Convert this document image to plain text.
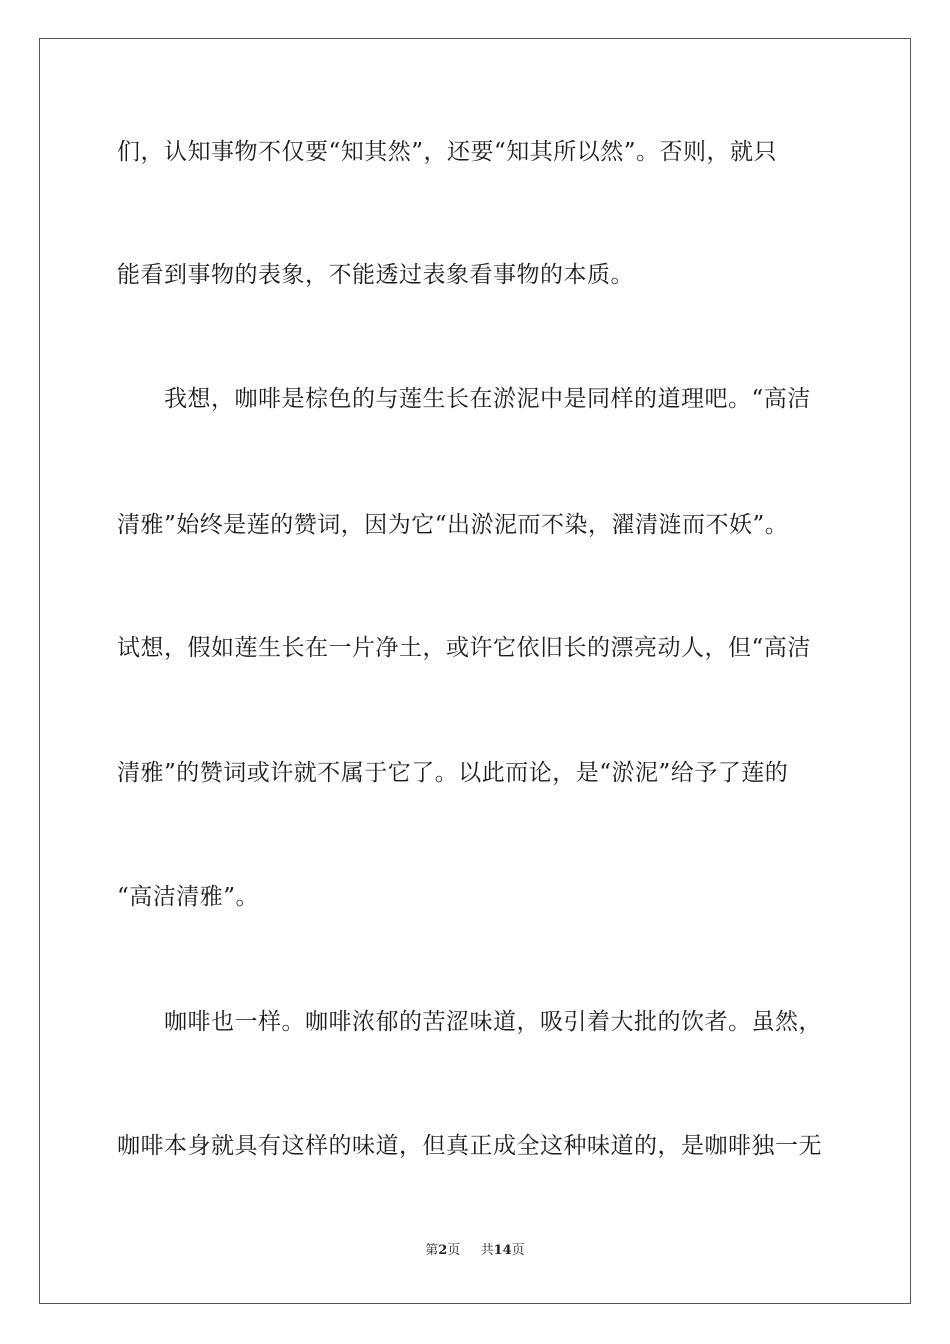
们，认知事物不仅要“知其然”，还要“知其所以然”。否则，就只
能看到事物的表象，不能透过表象看事物的本质。
我想，咖啡是棕色的与莲生长在淤泥中是同样的道理吧。“高洁
清雅”始终是莲的赞词，因为它“出淤泥而不染，濯清涟而不妖”。
试想，假如莲生长在一片净土，或许它依旧长的漂亮动人，但“高洁
清雅”的赞词或许就不属于它了。以此而论，是“淤泥”给予了莲的
“高洁清雅”。
咖啡也一样。咖啡浓郁的苦涩味道，吸引着大批的饮者。虽然，
咖啡本身就具有这样的味道，但真正成全这种味道的，是咖啡独一无
第2页 共14页
